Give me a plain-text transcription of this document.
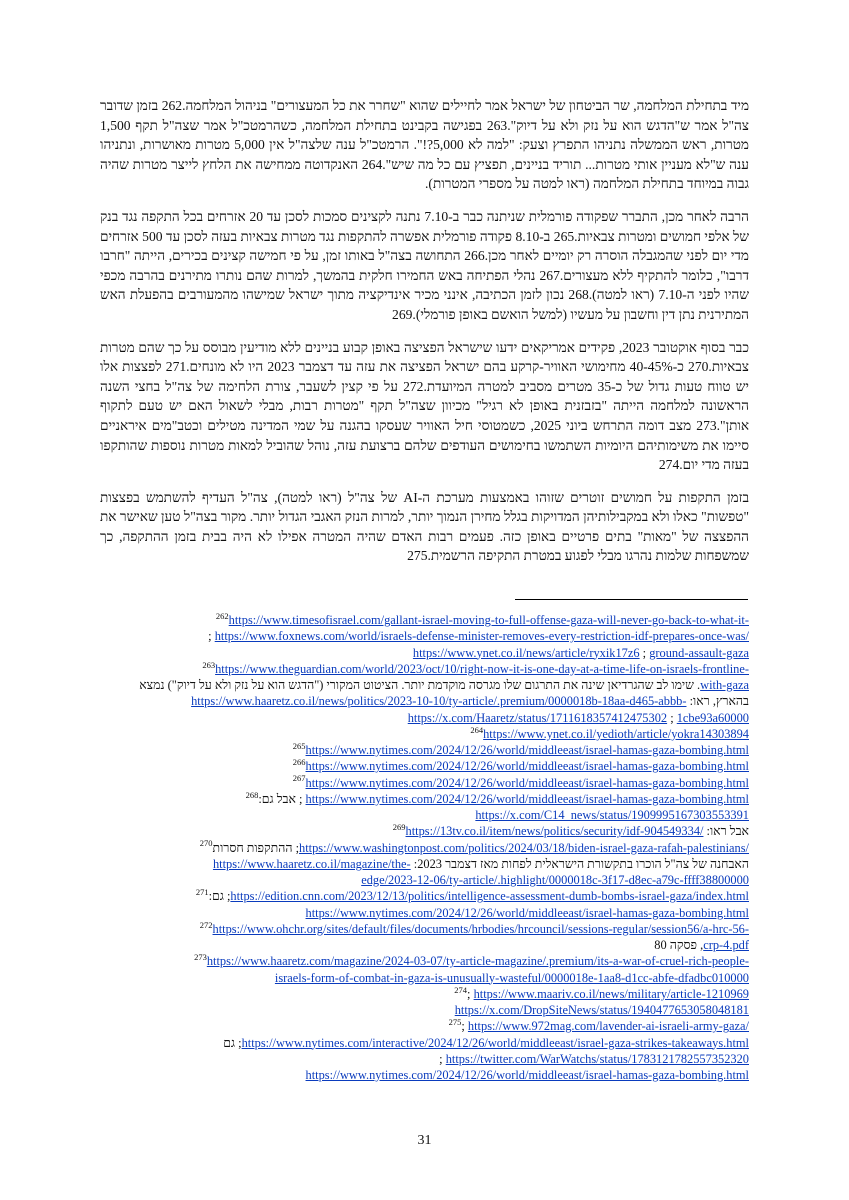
מיד בתחילת המלחמה, שר הביטחון של ישראל אמר לחיילים שהוא "שחרר את כל המעצורים" בניהול המלחמה.262 בזמן שדובר צה"ל אמר ש"הדגש הוא על נזק ולא על דיוק".263 בפגישה בקבינט בתחילת המלחמה, כשהרמטכ"ל אמר שצה"ל תקף 1,500 מטרות, ראש הממשלה נתניהו התפרץ וצעק: "למה לא 5,000?!". הרמטכ"ל ענה שלצה"ל אין 5,000 מטרות מאושרות, ונתניהו ענה ש"לא מעניין אותי מטרות... תוריד בניינים, תפציץ עם כל מה שיש".264 האנקדוטה ממחישה את הלחץ לייצר מטרות שהיה גבוה במיוחד בתחילת המלחמה (ראו למטה על מספרי המטרות).

הרבה לאחר מכן, התברר שפקודה פורמלית שניתנה כבר ב-7.10 נתנה לקצינים סמכות לסכן עד 20 אזרחים בכל התקפה נגד בנק של אלפי חמושים ומטרות צבאיות.265 ב-8.10 פקודה פורמלית אפשרה להתקפות נגד מטרות צבאיות בעזה לסכן עד 500 אזרחים מדי יום לפני שהמגבלה הוסרה רק יומיים לאחר מכן.266 התחושה בצה"ל באותו זמן, על פי חמישה קצינים בכירים, הייתה "חרבו דרבו", כלומר להתקיף ללא מעצורים.267 נהלי הפתיחה באש החמירו חלקית בהמשך, למרות שהם נותרו מתירנים בהרבה מכפי שהיו לפני ה-7.10 (ראו למטה).268 נכון לזמן הכתיבה, אינני מכיר אינדיקציה מתוך ישראל שמישהו מהמעורבים בהפעלת האש המתירנית נתן דין וחשבון על מעשיו (למשל הואשם באופן פורמלי).269

כבר בסוף אוקטובר 2023, פקידים אמריקאים ידעו שישראל הפציצה באופן קבוע בניינים ללא מודיעין מבוסס על כך שהם מטרות צבאיות.270 כ-40-45% מחימושי האוויר-קרקע בהם ישראל הפציצה את עזה עד דצמבר 2023 היו לא מונחים.271 לפצצות אלו יש טווח טעות גדול של כ-35 מטרים מסביב למטרה המיועדת.272 על פי קצין לשעבר, צורת הלחימה של צה"ל בחצי השנה הראשונה למלחמה הייתה "בזבזנית באופן לא רגיל" מכיוון שצה"ל תקף "מטרות רבות, מבלי לשאול האם יש טעם לתקוף אותן".273 מצב דומה התרחש ביוני 2025, כשמטוסי חיל האוויר שעסקו בהגנה על שמי המדינה מטילים וכטב"מים איראניים סיימו את משימותיהם היומיות השתמשו בחימושים העודפים שלהם ברצועת עזה, נוהל שהוביל למאות מטרות נוספות שהותקפו בעזה מדי יום.274

בזמן התקפות על חמושים זוטרים שזוהו באמצעות מערכת ה-AI של צה"ל (ראו למטה), צה"ל העדיף להשתמש בפצצות "טפשות" כאלו ולא במקבילותיהן המדויקות בגלל מחירן הנמוך יותר, למרות הנזק האגבי הגדול יותר. מקור בצה"ל טען שאישר את ההפצצה של "מאות" בתים פרטיים באופן כזה. פעמים רבות האדם שהיה המטרה אפילו לא היה בבית בזמן ההתקפה, כך שמשפחות שלמות נהרגו מבלי לפגוע במטרת התקיפה הרשמית.275

https://www.timesofisrael.com/gallant-israel-moving-to-full-offense-gaza-will-never-go-back-to-what-it-$^{262}$

https://www.foxnews.com/world/israels-defense-minister-removes-every-restriction-idf-prepares-once-was/ ;

ground-assault-gaza ; https://www.ynet.co.il/news/article/ryxik17z6

https://www.theguardian.com/world/2023/oct/10/right-now-it-is-one-day-at-a-time-life-on-israels-frontline-$^{263}$

with-gaza. שימו לב שהגרדיאן שינה את התרגום שלו מגרסה מוקדמת יותר. הציטוט המקורי ("הדגש הוא על נזק ולא על דיוק") נמצא

בהארץ, ראו: https://www.haaretz.co.il/news/politics/2023-10-10/ty-article/.premium/0000018b-18aa-d465-abbb-

1cbe93a60000 ; https://x.com/Haaretz/status/1711618357412475302

https://www.ynet.co.il/yedioth/article/yokra14303894$^{264}$

https://www.nytimes.com/2024/12/26/world/middleeast/israel-hamas-gaza-bombing.html$^{265}$

https://www.nytimes.com/2024/12/26/world/middleeast/israel-hamas-gaza-bombing.html$^{266}$

https://www.nytimes.com/2024/12/26/world/middleeast/israel-hamas-gaza-bombing.html$^{267}$

https://www.nytimes.com/2024/12/26/world/middleeast/israel-hamas-gaza-bombing.html ; אבל גם:$^{268}$

https://x.com/C14_news/status/1909995167303553391

אבל ראו: https://13tv.co.il/item/news/politics/security/idf-904549334/$^{269}$

https://www.washingtonpost.com/politics/2024/03/18/biden-israel-gaza-rafah-palestinians/; ההתקפות חסרות$^{270}$

האבחנה של צה"ל הוכרו בתקשורת הישראלית לפחות מאז דצמבר 2023: https://www.haaretz.co.il/magazine/the-

edge/2023-12-06/ty-article/.highlight/0000018c-3f17-d8ec-a79c-ffff38800000

https://edition.cnn.com/2023/12/13/politics/intelligence-assessment-dumb-bombs-israel-gaza/index.html; גם:$^{271}$

https://www.nytimes.com/2024/12/26/world/middleeast/israel-hamas-gaza-bombing.html

https://www.ohchr.org/sites/default/files/documents/hrbodies/hrcouncil/sessions-regular/session56/a-hrc-56-$^{272}$

crp-4.pdf, פסקה 80

https://www.haaretz.com/magazine/2024-03-07/ty-article-magazine/.premium/its-a-war-of-cruel-rich-people-$^{273}$

israels-form-of-combat-in-gaza-is-unusually-wasteful/0000018e-1aa8-d1cc-abfe-dfadbc010000

https://www.maariv.co.il/news/military/article-1210969 ;$^{274}$

https://x.com/DropSiteNews/status/1940477653058048181

https://www.972mag.com/lavender-ai-israeli-army-gaza/ ;$^{275}$

https://www.nytimes.com/interactive/2024/12/26/world/middleeast/israel-gaza-strikes-takeaways.html; גם

https://twitter.com/WarWatchs/status/1783121782557352320 ;

https://www.nytimes.com/2024/12/26/world/middleeast/israel-hamas-gaza-bombing.html

31
